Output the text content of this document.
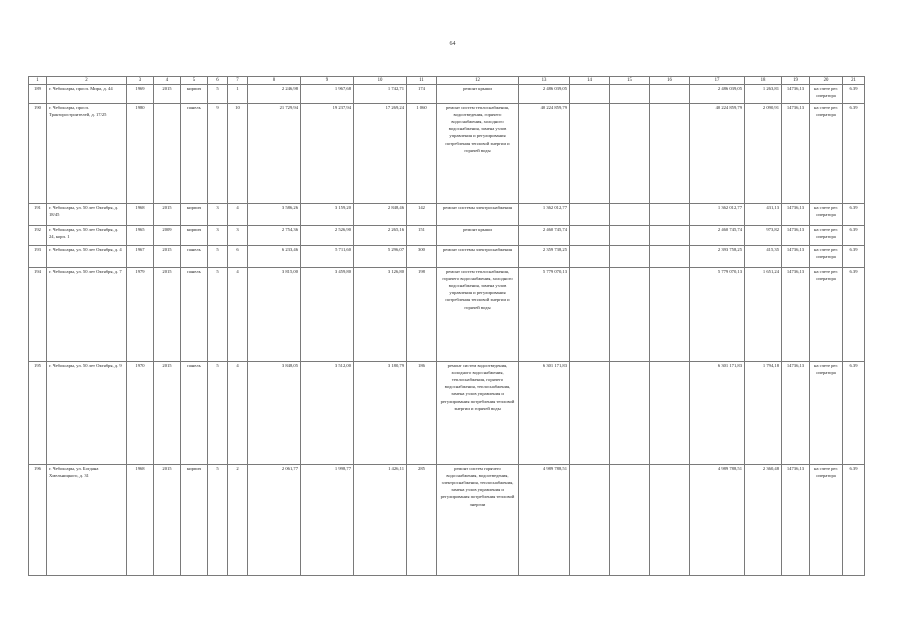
64
1	2	3	4	5	6	7	8	9	10	11	12	13	14	15	16	17	18	19	20	21
189	г. Чебоксары, просп. Мира, д. 44	1969	2015	кирпич	5	1	2 246,98	1 967,68	1 742,71	174	ремонт крыши	2 486 039,05				2 486 039,05	1 263,81	14736,13	на счете рег. оператора	6.39
190	г. Чебоксары, просп. Тракторостроителей, д. 17/25	1980		панель	9	10	21 729,94	19 237,94	17 269,24	1 060	ремонт систем теплоснабжения, водоотведения, горячего водоснабжения, холодного водоснабжения, замена узлов управления и регулирования потребления тепловой энергии и горячей воды	40 224 859,79				40 224 859,79	2 090,91	14736,13	на счете рег. оператора	6.39
191	г. Чебоксары, ул. 50 лет Октября, д. 18/45	1968	2015	кирпич	3	4	3 586,26	3 159,20	2 848,46	142	ремонт системы электроснабжения	1 362 012,77				1 362 012,77	431,13	14736,13	на счете рег. оператора	6.39
192	г. Чебоксары, ул. 50 лет Октября, д. 24, корп. 1	1965	2009	кирпич	3	3	2 754,36	2 526,90	2 265,16	151	ремонт крыши	2 460 745,74				2 460 745,74	973,82	14736,13	на счете рег. оператора	6.39
193	г. Чебоксары, ул. 50 лет Октября, д. 4	1967	2015	панель	5	6	6 233,46	5 711,60	5 296,07	300	ремонт системы электроснабжения	2 359 738,25				2 393 758,25	415,35	14736,13	на счете рег. оператора	6.39
194	г. Чебоксары, ул. 50 лет Октября, д. 7	1979	2015	панель	5	4	3 815,00	3 459,80	3 126,80	198	ремонт систем теплоснабжения, горячего водоснабжения, холодного водоснабжения, замена узлов управления и регулирования потребления тепловой энергии и горячей воды	5 779 070,13				5 779 070,13	1 651,24	14736,13	на счете рег. оператора	6.39
195	г. Чебоксары, ул. 50 лет Октября, д. 9	1970	2015	панель	5	4	3 848,05	3 512,00	3 180,79	186	ремонт систем водоотведения, холодного водоснабжения, теплоснабжения, горячего водоснабжения, теплоснабжения, замена узлов управления и регулирования потребления тепловой энергии и горячей воды	6 301 171,83				6 301 171,83	1 794,18	14736,13	на счете рег. оператора	6.39
196	г. Чебоксары, ул. Богдана Хмельницкого, д. 31	1968	2015	кирпич	5	2	2 061,77	1 998,77	1 426,11	285	ремонт систем горячего водоснабжения, водоотведения, электроснабжения, теплоснабжения, замена узлов управления и регулирования потребления тепловой энергии	4 989 788,51				4 989 788,51	2 360,48	14736,13	на счете рег. оператора	6.39
